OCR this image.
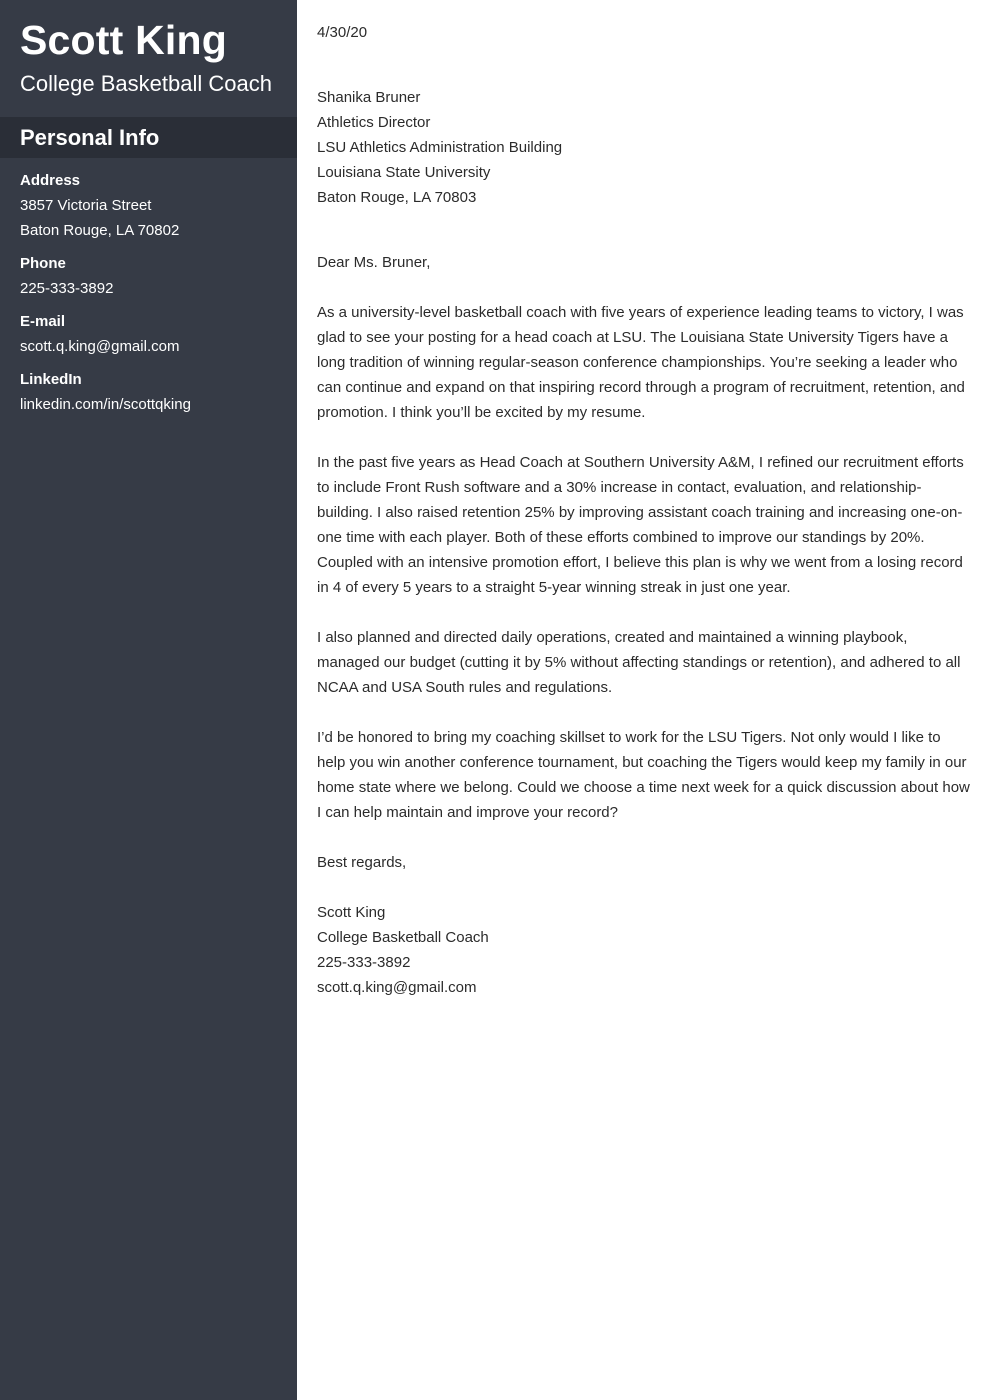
Scott King
College Basketball Coach
Personal Info
Address
3857 Victoria Street
Baton Rouge, LA 70802
Phone
225-333-3892
E-mail
scott.q.king@gmail.com
LinkedIn
linkedin.com/in/scottqking
4/30/20
Shanika Bruner
Athletics Director
LSU Athletics Administration Building
Louisiana State University
Baton Rouge, LA 70803

Dear Ms. Bruner,

As a university-level basketball coach with five years of experience leading teams to victory, I was glad to see your posting for a head coach at LSU. The Louisiana State University Tigers have a long tradition of winning regular-season conference championships. You’re seeking a leader who can continue and expand on that inspiring record through a program of recruitment, retention, and promotion. I think you’ll be excited by my resume.

In the past five years as Head Coach at Southern University A&M, I refined our recruitment efforts to include Front Rush software and a 30% increase in contact, evaluation, and relationship-building. I also raised retention 25% by improving assistant coach training and increasing one-on-one time with each player. Both of these efforts combined to improve our standings by 20%. Coupled with an intensive promotion effort, I believe this plan is why we went from a losing record in 4 of every 5 years to a straight 5-year winning streak in just one year.

I also planned and directed daily operations, created and maintained a winning playbook, managed our budget (cutting it by 5% without affecting standings or retention), and adhered to all NCAA and USA South rules and regulations.

I’d be honored to bring my coaching skillset to work for the LSU Tigers. Not only would I like to help you win another conference tournament, but coaching the Tigers would keep my family in our home state where we belong. Could we choose a time next week for a quick discussion about how I can help maintain and improve your record?

Best regards,
Scott King
College Basketball Coach
225-333-3892
scott.q.king@gmail.com
